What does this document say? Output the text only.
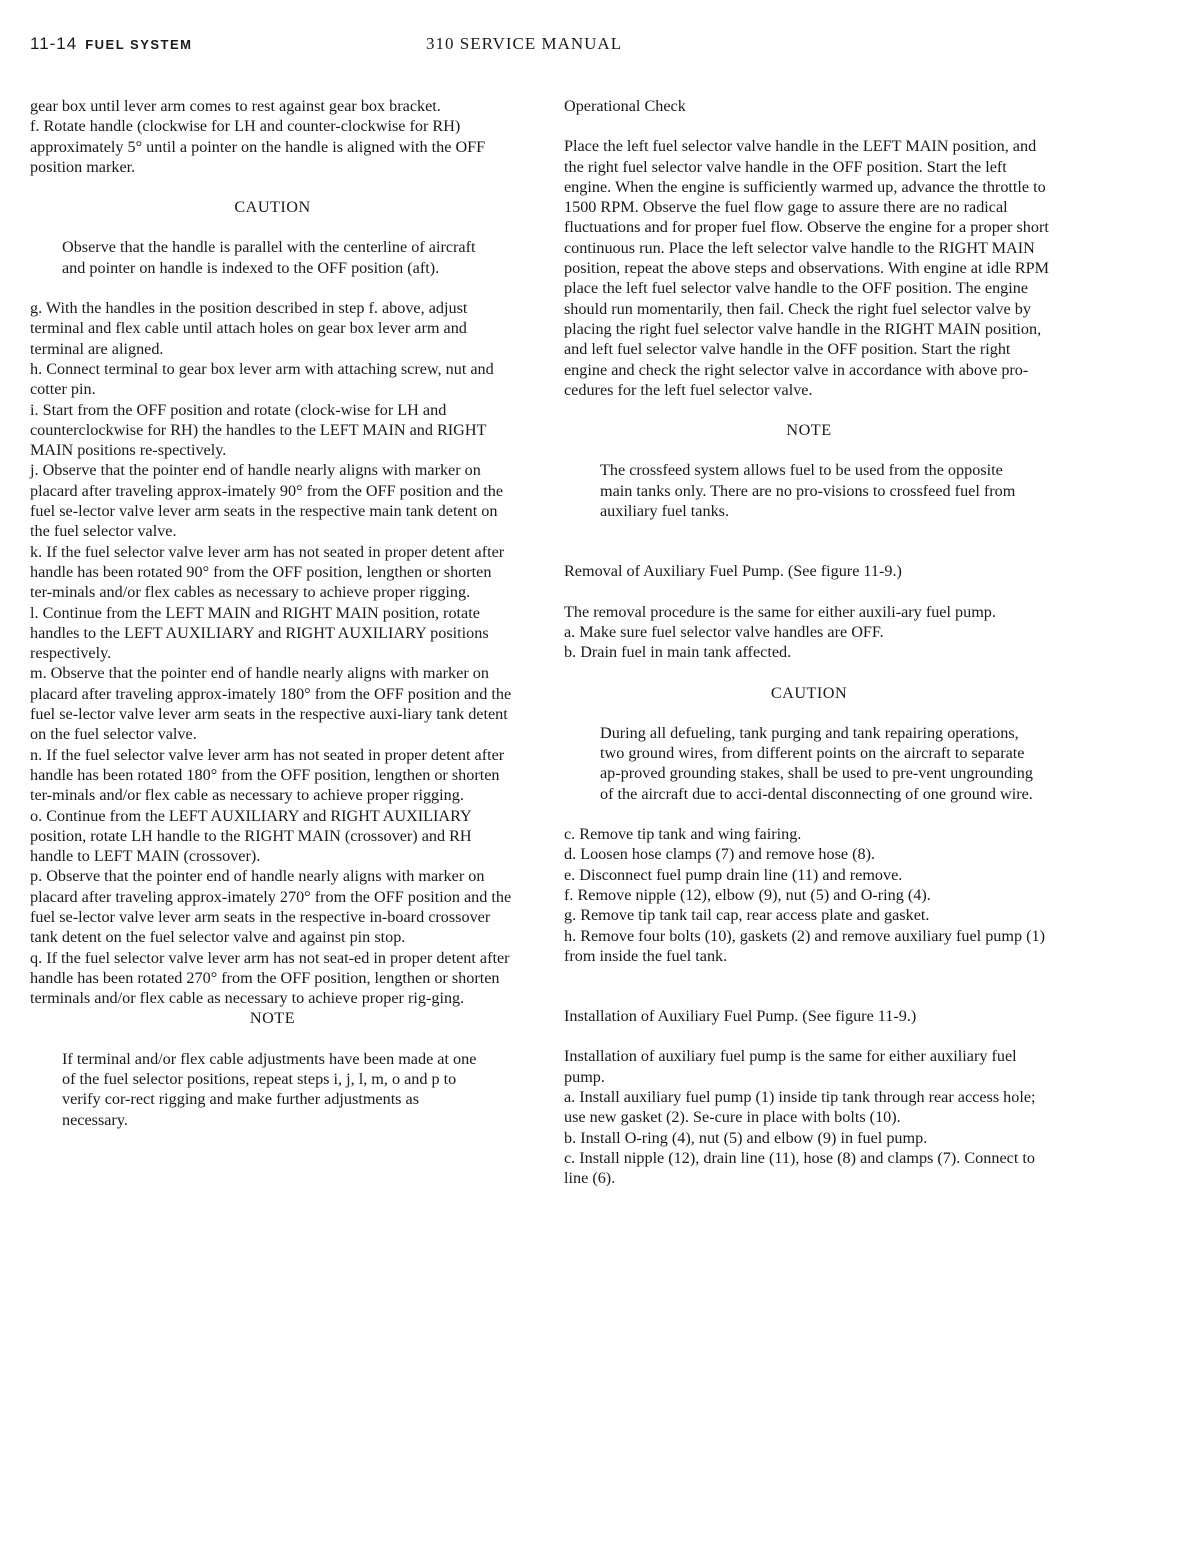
11-14 FUEL SYSTEM	310 SERVICE MANUAL

gear box until lever arm comes to rest against gear box bracket.

f. Rotate handle (clockwise for LH and counter-clockwise for RH) approximately 5° until a pointer on the handle is aligned with the OFF position marker.

CAUTION

Observe that the handle is parallel with the centerline of aircraft and pointer on handle is indexed to the OFF position (aft).

g. With the handles in the position described in step f. above, adjust terminal and flex cable until attach holes on gear box lever arm and terminal are aligned.

h. Connect terminal to gear box lever arm with attaching screw, nut and cotter pin.

i. Start from the OFF position and rotate (clock-wise for LH and counterclockwise for RH) the handles to the LEFT MAIN and RIGHT MAIN positions re-spectively.

j. Observe that the pointer end of handle nearly aligns with marker on placard after traveling approx-imately 90° from the OFF position and the fuel se-lector valve lever arm seats in the respective main tank detent on the fuel selector valve.

k. If the fuel selector valve lever arm has not seated in proper detent after handle has been rotated 90° from the OFF position, lengthen or shorten ter-minals and/or flex cables as necessary to achieve proper rigging.

l. Continue from the LEFT MAIN and RIGHT MAIN position, rotate handles to the LEFT AUXILIARY and RIGHT AUXILIARY positions respectively.

m. Observe that the pointer end of handle nearly aligns with marker on placard after traveling approx-imately 180° from the OFF position and the fuel se-lector valve lever arm seats in the respective auxi-liary tank detent on the fuel selector valve.

n. If the fuel selector valve lever arm has not seated in proper detent after handle has been rotated 180° from the OFF position, lengthen or shorten ter-minals and/or flex cable as necessary to achieve proper rigging.

o. Continue from the LEFT AUXILIARY and RIGHT AUXILIARY position, rotate LH handle to the RIGHT MAIN (crossover) and RH handle to LEFT MAIN (crossover).

p. Observe that the pointer end of handle nearly aligns with marker on placard after traveling approx-imately 270° from the OFF position and the fuel se-lector valve lever arm seats in the respective in-board crossover tank detent on the fuel selector valve and against pin stop.

q. If the fuel selector valve lever arm has not seat-ed in proper detent after handle has been rotated 270° from the OFF position, lengthen or shorten terminals and/or flex cable as necessary to achieve proper rig-ging.

NOTE

If terminal and/or flex cable adjustments have been made at one of the fuel selector positions, repeat steps i, j, l, m, o and p to verify cor-rect rigging and make further adjustments as necessary.

Operational Check

Place the left fuel selector valve handle in the LEFT MAIN position, and the right fuel selector valve handle in the OFF position. Start the left engine. When the engine is sufficiently warmed up, advance the throttle to 1500 RPM. Observe the fuel flow gage to assure there are no radical fluctuations and for proper fuel flow. Observe the engine for a proper short continuous run. Place the left selector valve handle to the RIGHT MAIN position, repeat the above steps and observations. With engine at idle RPM place the left fuel selector valve handle to the OFF position. The engine should run momentarily, then fail. Check the right fuel selector valve by placing the right fuel selector valve handle in the RIGHT MAIN position, and left fuel selector valve handle in the OFF position. Start the right engine and check the right selector valve in accordance with above pro-cedures for the left fuel selector valve.

NOTE

The crossfeed system allows fuel to be used from the opposite main tanks only. There are no pro-visions to crossfeed fuel from auxiliary fuel tanks.

Removal of Auxiliary Fuel Pump. (See figure 11-9.)

The removal procedure is the same for either auxili-ary fuel pump.

a. Make sure fuel selector valve handles are OFF.

b. Drain fuel in main tank affected.

CAUTION

During all defueling, tank purging and tank repairing operations, two ground wires, from different points on the aircraft to separate ap-proved grounding stakes, shall be used to pre-vent ungrounding of the aircraft due to acci-dental disconnecting of one ground wire.

c. Remove tip tank and wing fairing.

d. Loosen hose clamps (7) and remove hose (8).

e. Disconnect fuel pump drain line (11) and remove.

f. Remove nipple (12), elbow (9), nut (5) and O-ring (4).

g. Remove tip tank tail cap, rear access plate and gasket.

h. Remove four bolts (10), gaskets (2) and remove auxiliary fuel pump (1) from inside the fuel tank.

Installation of Auxiliary Fuel Pump. (See figure 11-9.)

Installation of auxiliary fuel pump is the same for either auxiliary fuel pump.

a. Install auxiliary fuel pump (1) inside tip tank through rear access hole; use new gasket (2). Se-cure in place with bolts (10).

b. Install O-ring (4), nut (5) and elbow (9) in fuel pump.

c. Install nipple (12), drain line (11), hose (8) and clamps (7). Connect to line (6).
